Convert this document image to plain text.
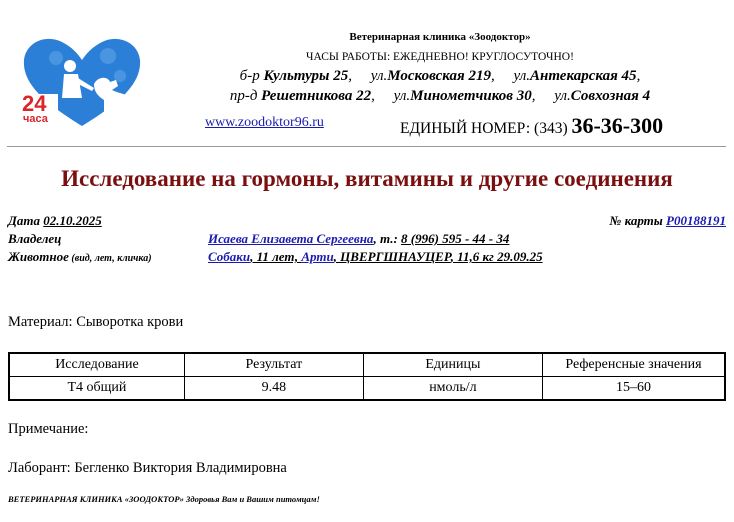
24
часа
Ветеринарная клиника «Зоодоктор»
ЧАСЫ РАБОТЫ: ЕЖЕДНЕВНО! КРУГЛОСУТОЧНО!
б-р Культуры 25,     ул.Московская 219,     ул.Антекарская 45,
пр-д Решетникова 22,     ул.Минометчиков 30,     ул.Совхозная 4
www.zoodoktor96.ru	ЕДИНЫЙ НОМЕР: (343) 36-36-300
Исследование на гормоны, витамины и другие соединения
Дата 02.10.2025	№ карты P00188191
Владелец	Исаева Елизавета Сергеевна, т.: 8 (996) 595 - 44 - 34
Животное (вид, лет, кличка)	Собаки, 11 лет, Арти, ЦВЕРГШНАУЦЕР, 11,6 кг 29.09.25
Материал: Сыворотка крови
Исследование	Результат	Единицы	Референсные значения
Т4 общий	9.48	нмоль/л	15–60
Примечание:
Лаборант: Бегленко Виктория Владимировна
ВЕТЕРИНАРНАЯ КЛИНИКА «ЗООДОКТОР» Здоровья Вам и Вашим питомцам!
